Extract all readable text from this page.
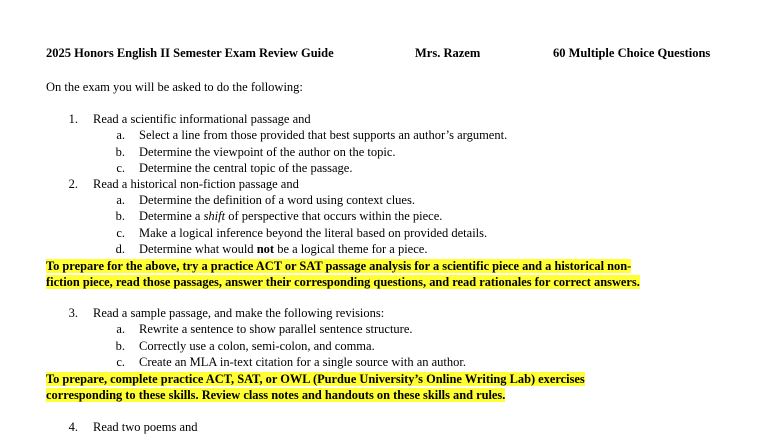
2025 Honors English II Semester Exam Review Guide	Mrs. Razem	60 Multiple Choice Questions
On the exam you will be asked to do the following:
1. Read a scientific informational passage and
a. Select a line from those provided that best supports an author’s argument.
b. Determine the viewpoint of the author on the topic.
c. Determine the central topic of the passage.
2. Read a historical non-fiction passage and
a. Determine the definition of a word using context clues.
b. Determine a shift of perspective that occurs within the piece.
c. Make a logical inference beyond the literal based on provided details.
d. Determine what would not be a logical theme for a piece.
To prepare for the above, try a practice ACT or SAT passage analysis for a scientific piece and a historical non-
fiction piece, read those passages, answer their corresponding questions, and read rationales for correct answers.
3. Read a sample passage, and make the following revisions:
a. Rewrite a sentence to show parallel sentence structure.
b. Correctly use a colon, semi-colon, and comma.
c. Create an MLA in-text citation for a single source with an author.
To prepare, complete practice ACT, SAT, or OWL (Purdue University’s Online Writing Lab) exercises
corresponding to these skills. Review class notes and handouts on these skills and rules.
4. Read two poems and
